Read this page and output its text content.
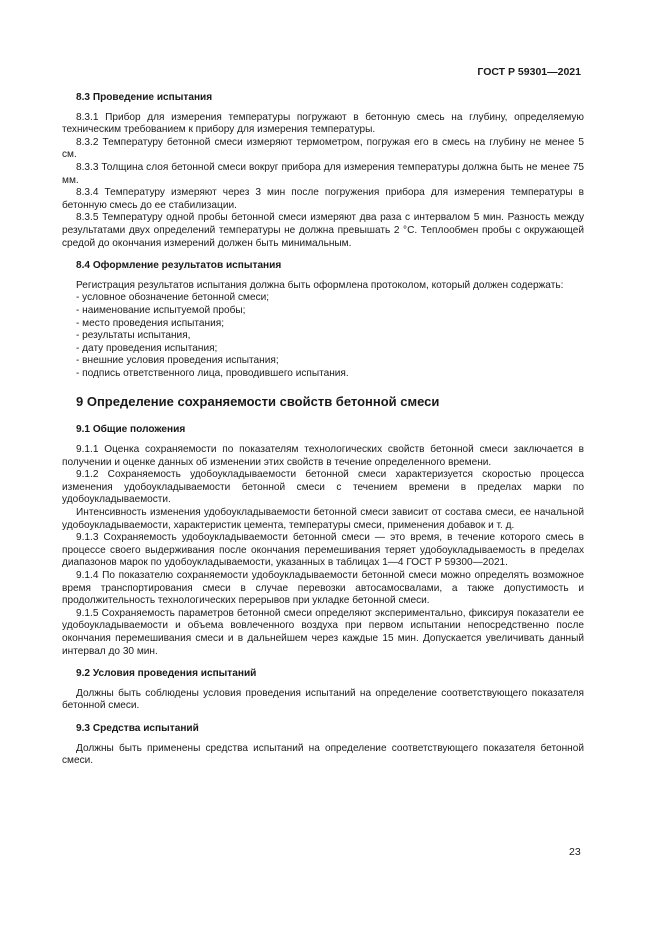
ГОСТ Р 59301—2021

8.3 Проведение испытания

8.3.1 Прибор для измерения температуры погружают в бетонную смесь на глубину, определяемую техническим требованием к прибору для измерения температуры.

8.3.2 Температуру бетонной смеси измеряют термометром, погружая его в смесь на глубину не менее 5 см.

8.3.3 Толщина слоя бетонной смеси вокруг прибора для измерения температуры должна быть не менее 75 мм.

8.3.4 Температуру измеряют через 3 мин после погружения прибора для измерения температуры в бетонную смесь до ее стабилизации.

8.3.5 Температуру одной пробы бетонной смеси измеряют два раза с интервалом 5 мин. Разность между результатами двух определений температуры не должна превышать 2 °С. Теплообмен пробы с окружающей средой до окончания измерений должен быть минимальным.

8.4 Оформление результатов испытания

Регистрация результатов испытания должна быть оформлена протоколом, который должен содержать:

- условное обозначение бетонной смеси;

- наименование испытуемой пробы;

- место проведения испытания;

- результаты испытания,

- дату проведения испытания;

- внешние условия проведения испытания;

- подпись ответственного лица, проводившего испытания.

9 Определение сохраняемости свойств бетонной смеси

9.1 Общие положения

9.1.1 Оценка сохраняемости по показателям технологических свойств бетонной смеси заключается в получении и оценке данных об изменении этих свойств в течение определенного времени.

9.1.2 Сохраняемость удобоукладываемости бетонной смеси характеризуется скоростью процесса изменения удобоукладываемости бетонной смеси с течением времени в пределах марки по удобоукладываемости.

Интенсивность изменения удобоукладываемости бетонной смеси зависит от состава смеси, ее начальной удобоукладываемости, характеристик цемента, температуры смеси, применения добавок и т. д.

9.1.3 Сохраняемость удобоукладываемости бетонной смеси — это время, в течение которого смесь в процессе своего выдерживания после окончания перемешивания теряет удобоукладываемость в пределах диапазонов марок по удобоукладываемости, указанных в таблицах 1—4 ГОСТ Р 59300—2021.

9.1.4 По показателю сохраняемости удобоукладываемости бетонной смеси можно определять возможное время транспортирования смеси в случае перевозки автосамосвалами, а также допустимость и продолжительность технологических перерывов при укладке бетонной смеси.

9.1.5 Сохраняемость параметров бетонной смеси определяют экспериментально, фиксируя показатели ее удобоукладываемости и объема вовлеченного воздуха при первом испытании непосредственно после окончания перемешивания смеси и в дальнейшем через каждые 15 мин. Допускается увеличивать данный интервал до 30 мин.

9.2 Условия проведения испытаний

Должны быть соблюдены условия проведения испытаний на определение соответствующего показателя бетонной смеси.

9.3 Средства испытаний

Должны быть применены средства испытаний на определение соответствующего показателя бетонной смеси.

23
